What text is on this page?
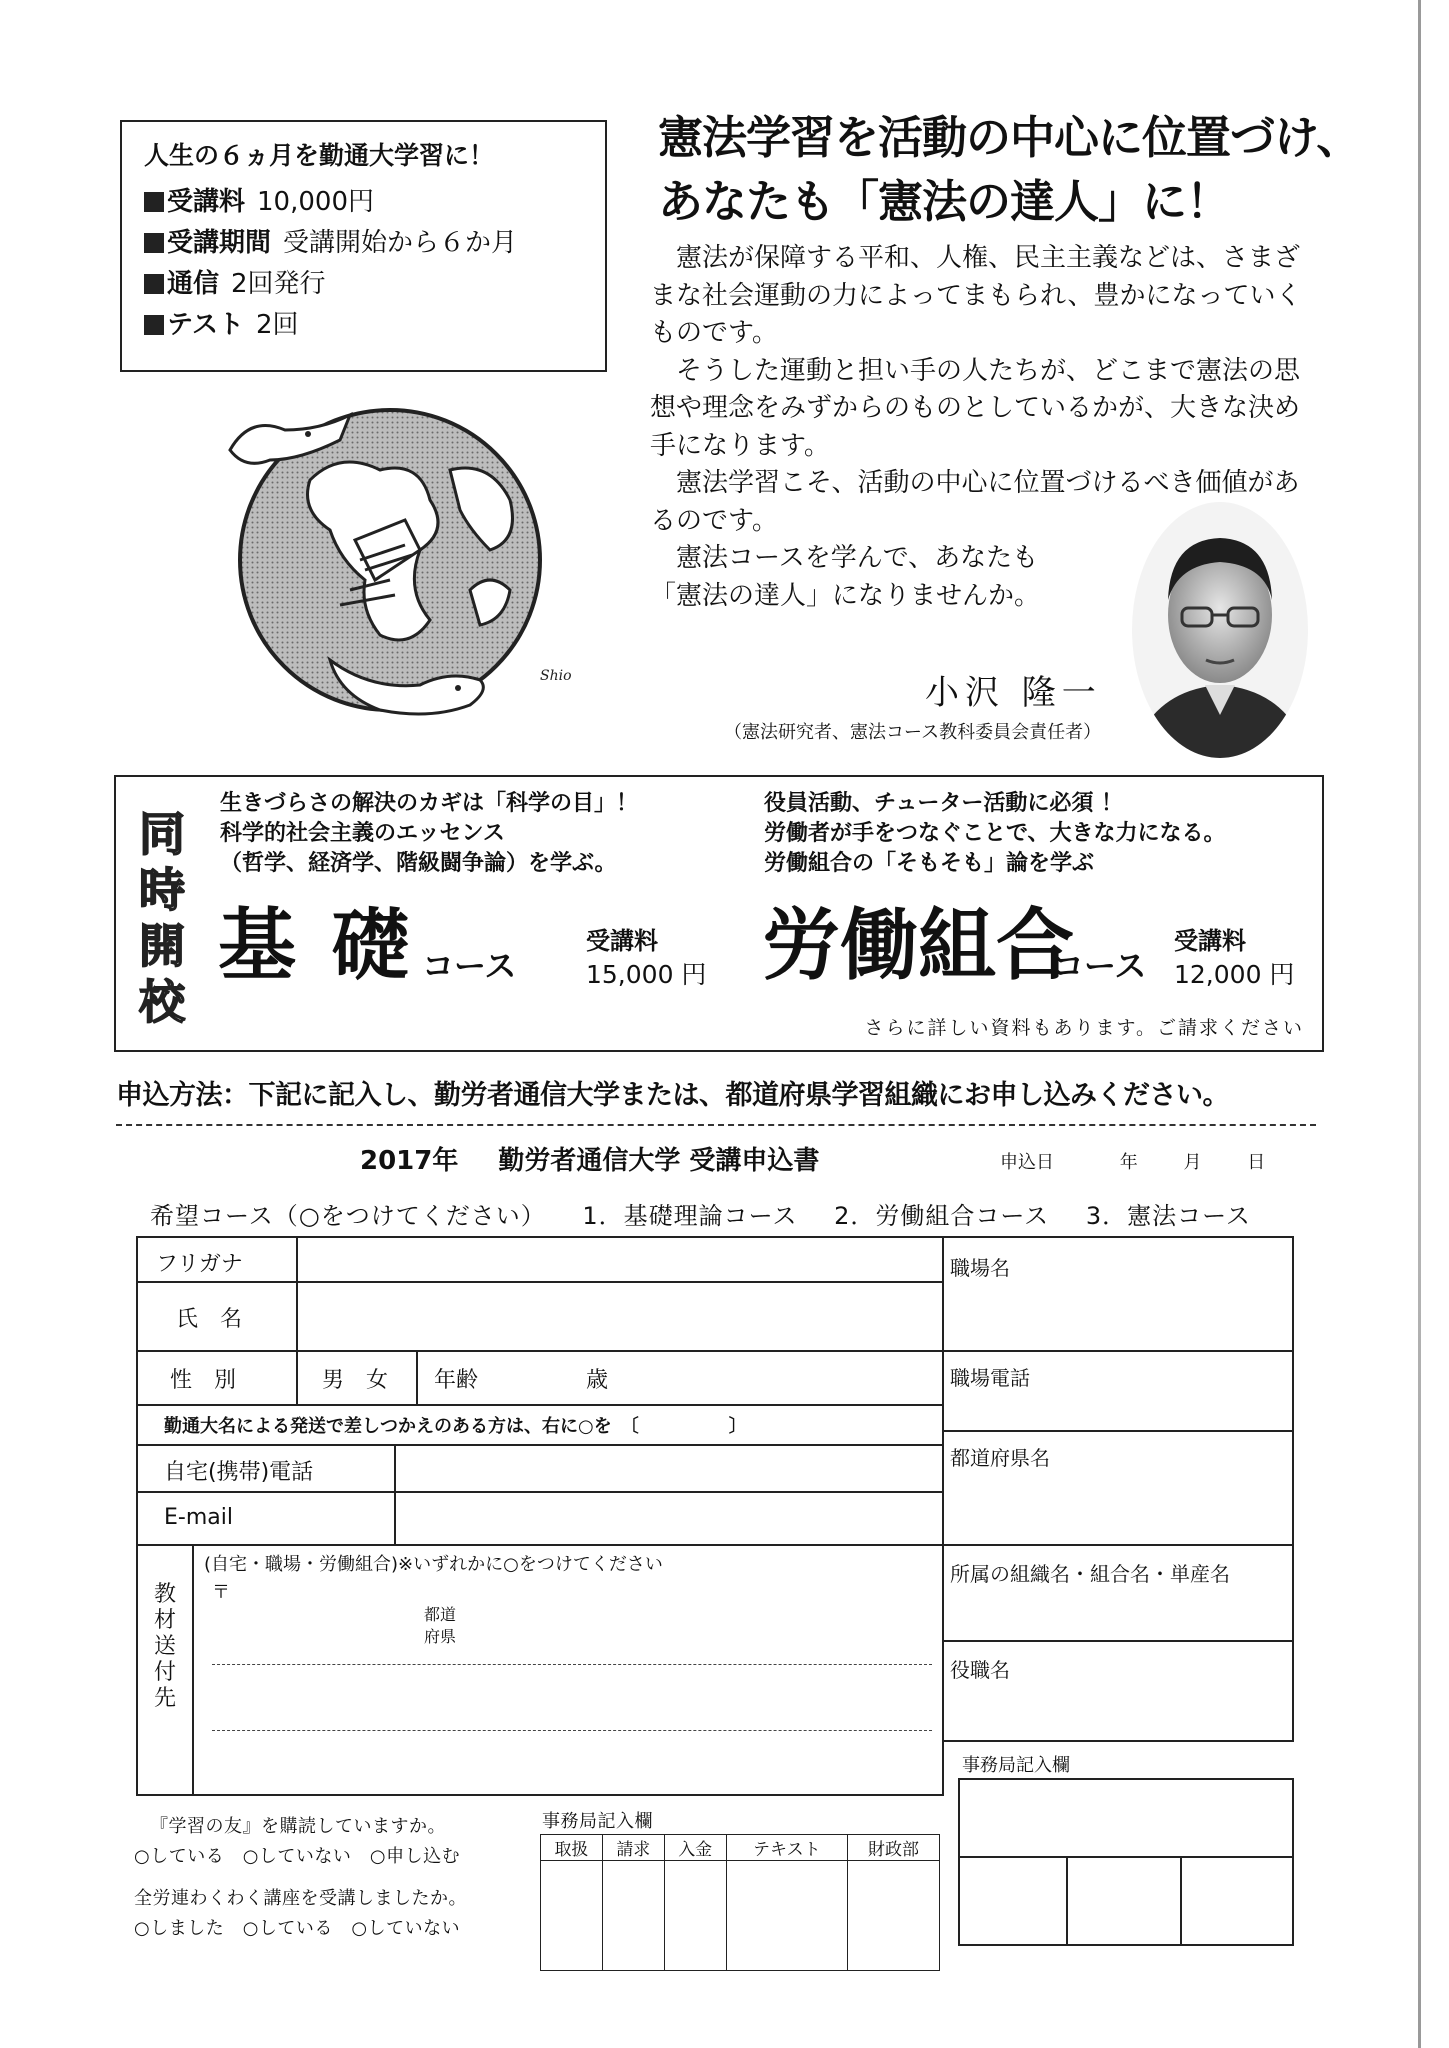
人生の６ヵ月を勤通大学習に！
受講料 10,000円
受講期間 受講開始から６か月
通信 2回発行
テスト 2回
Shio
憲法学習を活動の中心に位置づけ、
あなたも「憲法の達人」に！

憲法が保障する平和、人権、民主主義などは、さまざまな社会運動の力によってまもられ、豊かになっていくものです。

そうした運動と担い手の人たちが、どこまで憲法の思想や理念をみずからのものとしているかが、大きな決め手になります。

憲法学習こそ、活動の中心に位置づけるべき価値があるのです。

憲法コースを学んで、あなたも

「憲法の達人」になりませんか。
小沢 隆一
（憲法研究者、憲法コース教科委員会責任者）
同
時
開
校
生きづらさの解決のカギは「科学の目」！
科学的社会主義のエッセンス
（哲学、経済学、階級闘争論）を学ぶ。
基 礎 コース
受講料
15,000 円
役員活動、チューター活動に必須 ！
労働者が手をつなぐことで、大きな力になる。
労働組合の「そもそも」論を学ぶ
労働組合
コース
受講料
12,000 円
さらに詳しい資料もあります。ご請求ください
申込方法：下記に記入し、勤労者通信大学または、都道府県学習組織にお申し込みください。
2017年 勤労者通信大学 受講申込書	申込日	年	月	日
希望コース（○をつけてください） 1．基礎理論コース 2．労働組合コース 3．憲法コース
フリガナ
氏　名
性　別	男　女 年齢	歳
勤通大名による発送で差しつかえのある方は、右に○を　〔　　　　　〕
自宅(携帯)電話
E-mail
教
材
送
付
先
(自宅・職場・労働組合)※いずれかに○をつけてください
〒
都道
府県
職場名
職場電話
都道府県名
所属の組織名・組合名・単産名
役職名
事務局記入欄
『学習の友』を購読していますか。
○している　○していない　○申し込む
全労連わくわく講座を受講しましたか。
○しました　○している　○していない
事務局記入欄
取扱	請求	入金	テキスト	財政部
